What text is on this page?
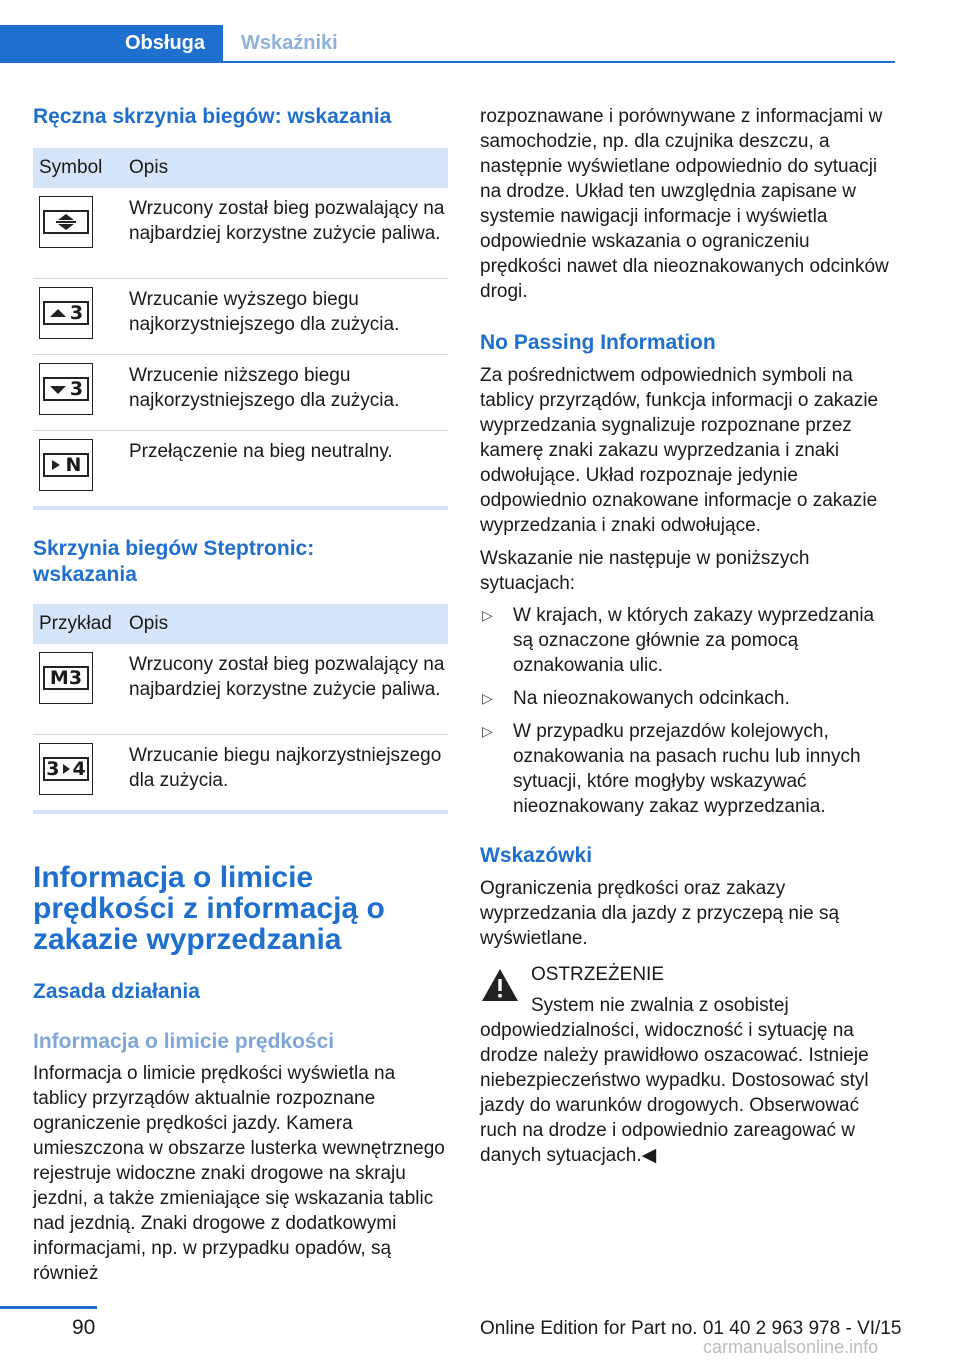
Obsługa Wskaźniki
Ręczna skrzynia biegów: wskazania
Symbol	Opis

	Wrzucony został bieg pozwalający na najbardziej korzystne zużycie paliwa.

3	Wrzucanie wyższego biegu najkorzystniejszego dla zużycia.

3	Wrzucenie niższego biegu najkorzystniejszego dla zużycia.

N	Przełączenie na bieg neutralny.
Skrzynia biegów Steptronic: wskazania
Przykład	Opis

M3	Wrzucony został bieg pozwalający na najbardziej korzystne zużycie paliwa.

3 4	Wrzucanie biegu najkorzystniejszego dla zużycia.
Informacja o limicie prędkości z informacją o zakazie wyprzedzania
Zasada działania
Informacja o limicie prędkości

Informacja o limicie prędkości wyświetla na tablicy przyrządów aktualnie rozpoznane ograniczenie prędkości jazdy. Kamera umieszczona w obszarze lusterka wewnętrznego rejestruje widoczne znaki drogowe na skraju jezdni, a także zmieniające się wskazania tablic nad jezdnią. Znaki drogowe z dodatkowymi informacjami, np. w przypadku opadów, są również

rozpoznawane i porównywane z informacjami w samochodzie, np. dla czujnika deszczu, a następnie wyświetlane odpowiednio do sytuacji na drodze. Układ ten uwzględnia zapisane w systemie nawigacji informacje i wyświetla odpowiednie wskazania o ograniczeniu prędkości nawet dla nieoznakowanych odcinków drogi.

No Passing Information

Za pośrednictwem odpowiednich symboli na tablicy przyrządów, funkcja informacji o zakazie wyprzedzania sygnalizuje rozpoznane przez kamerę znaki zakazu wyprzedzania i znaki odwołujące. Układ rozpoznaje jedynie odpowiednio oznakowane informacje o zakazie wyprzedzania i znaki odwołujące.

Wskazanie nie następuje w poniższych sytuacjach:

▷ W krajach, w których zakazy wyprzedzania są oznaczone głównie za pomocą oznakowania ulic.
▷ Na nieoznakowanych odcinkach.
▷ W przypadku przejazdów kolejowych, oznakowania na pasach ruchu lub innych sytuacji, które mogłyby wskazywać nieoznakowany zakaz wyprzedzania.
Wskazówki

Ograniczenia prędkości oraz zakazy wyprzedzania dla jazdy z przyczepą nie są wyświetlane.

OSTRZEŻENIE

System nie zwalnia z osobistej odpowiedzialności, widoczność i sytuację na drodze należy prawidłowo oszacować. Istnieje niebezpieczeństwo wypadku. Dostosować styl jazdy do warunków drogowych. Obserwować ruch na drodze i odpowiednio zareagować w danych sytuacjach.◀

90	Online Edition for Part no. 01 40 2 963 978 - VI/15
carmanualsonline.info
